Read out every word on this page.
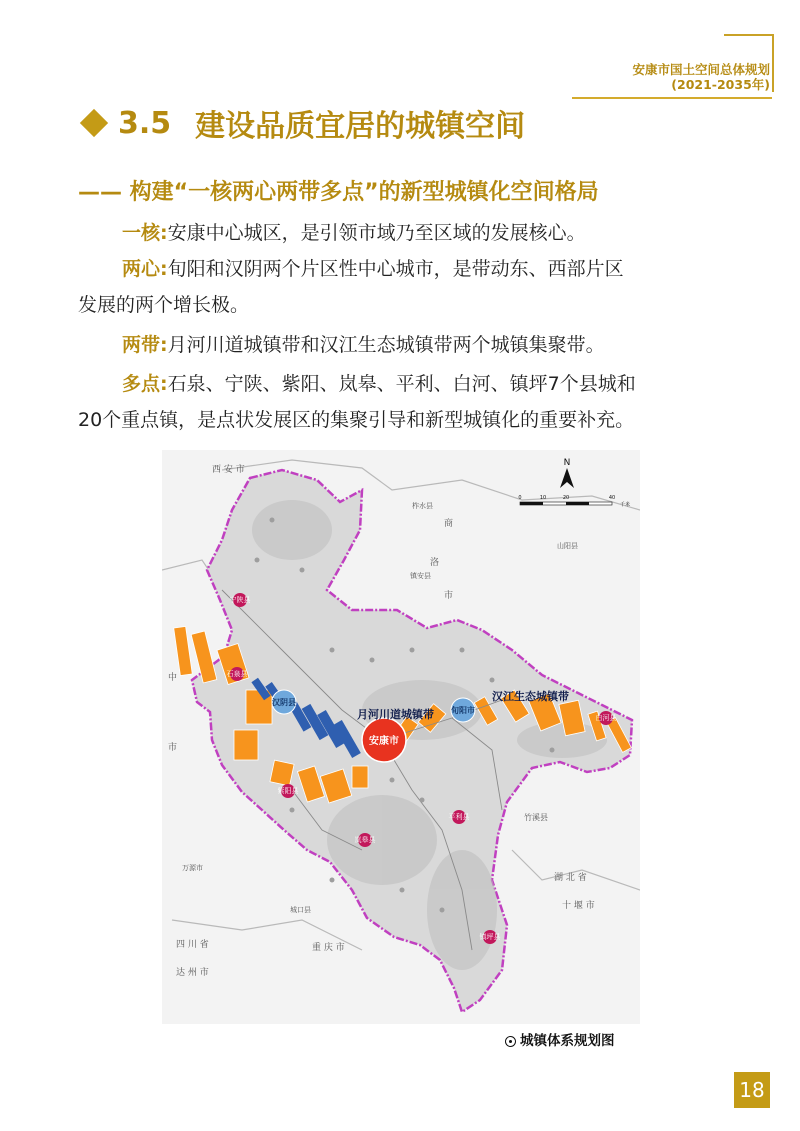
安康市国土空间总体规划
(2021-2035年)
3.5 建设品质宜居的城镇空间
—— 构建“一核两心两带多点”的新型城镇化空间格局
一核:安康中心城区，是引领市域乃至区域的发展核心。
两心:旬阳和汉阴两个片区性中心城市，是带动东、西部片区
发展的两个增长极。
两带:月河川道城镇带和汉江生态城镇带两个城镇集聚带。
多点:石泉、宁陕、紫阳、岚皋、平利、白河、镇坪7个县城和
20个重点镇，是点状发展区的集聚引导和新型城镇化的重要补充。
安康市
汉阴县
旬阳市
宁陕县
石泉县
紫阳县
岚皋县
平利县
白河县
镇坪县
月河川道城镇带
汉江生态城镇带
西 安 市
商
洛
市
中
市
湖 北 省
十 堰 市
四 川 省
达 州 市
重 庆 市
竹溪县
城口县
万源市
山阳县
柞水县
镇安县
N
0	10	20	40
千米
城镇体系规划图
18
